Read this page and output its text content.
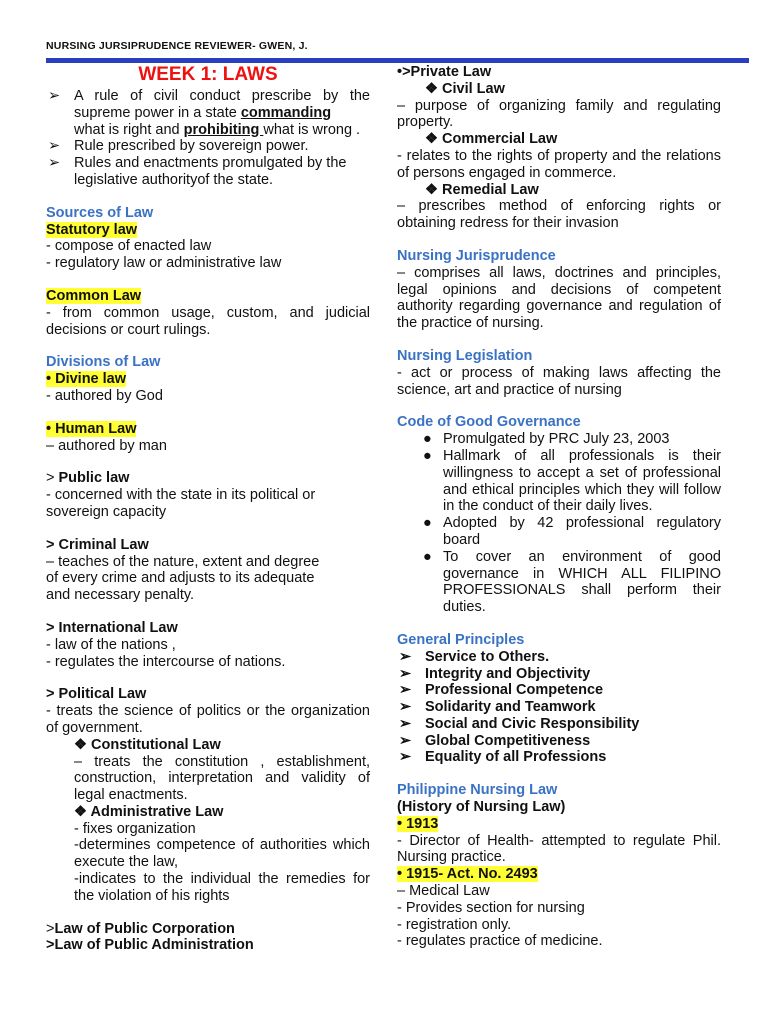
NURSING JURSIPRUDENCE REVIEWER- GWEN, J.
WEEK 1: LAWS
➢ A rule of civil conduct prescribe by the supreme power in a state commanding
what is right and prohibiting what is wrong .
➢ Rule prescribed by sovereign power.
➢ Rules and enactments promulgated by the legislative authorityof the state.
Sources of Law
Statutory law
- compose of enacted law
- regulatory law or administrative law
Common Law
- from common usage, custom, and judicial decisions or court rulings.
Divisions of Law
• Divine law
- authored by God
• Human Law
– authored by man
> Public law
- concerned with the state in its political or sovereign capacity
> Criminal Law
– teaches of the nature, extent and degree
of every crime and adjusts to its adequate
and necessary penalty.
> International Law
- law of the nations ,
- regulates the intercourse of nations.
> Political Law
- treats the science of politics or the organization of government.
❖ Constitutional Law
– treats the constitution , establishment, construction, interpretation and validity of legal enactments.
❖ Administrative Law
- fixes organization
-determines competence of authorities which execute the law,
-indicates to the individual the remedies for the violation of his rights
>Law of Public Corporation
>Law of Public Administration
•>Private Law
❖ Civil Law
– purpose of organizing family and regulating property.
❖ Commercial Law
- relates to the rights of property and the relations of persons engaged in commerce.
❖ Remedial Law
– prescribes method of enforcing rights or obtaining redress for their invasion
Nursing Jurisprudence
– comprises all laws, doctrines and principles, legal opinions and decisions of competent authority regarding governance and regulation of the practice of nursing.
Nursing Legislation
- act or process of making laws affecting the science, art and practice of nursing
Code of Good Governance
● Promulgated by PRC July 23, 2003
● Hallmark of all professionals is their willingness to accept a set of professional and ethical principles which they will follow in the conduct of their daily lives.
● Adopted by 42 professional regulatory board
● To cover an environment of good governance in WHICH ALL FILIPINO PROFESSIONALS shall perform their duties.
General Principles
➢ Service to Others.
➢ Integrity and Objectivity
➢ Professional Competence
➢ Solidarity and Teamwork
➢ Social and Civic Responsibility
➢ Global Competitiveness
➢ Equality of all Professions
Philippine Nursing Law
(History of Nursing Law)
• 1913
- Director of Health- attempted to regulate Phil. Nursing practice.
• 1915- Act. No. 2493
– Medical Law
- Provides section for nursing
- registration only.
- regulates practice of medicine.
